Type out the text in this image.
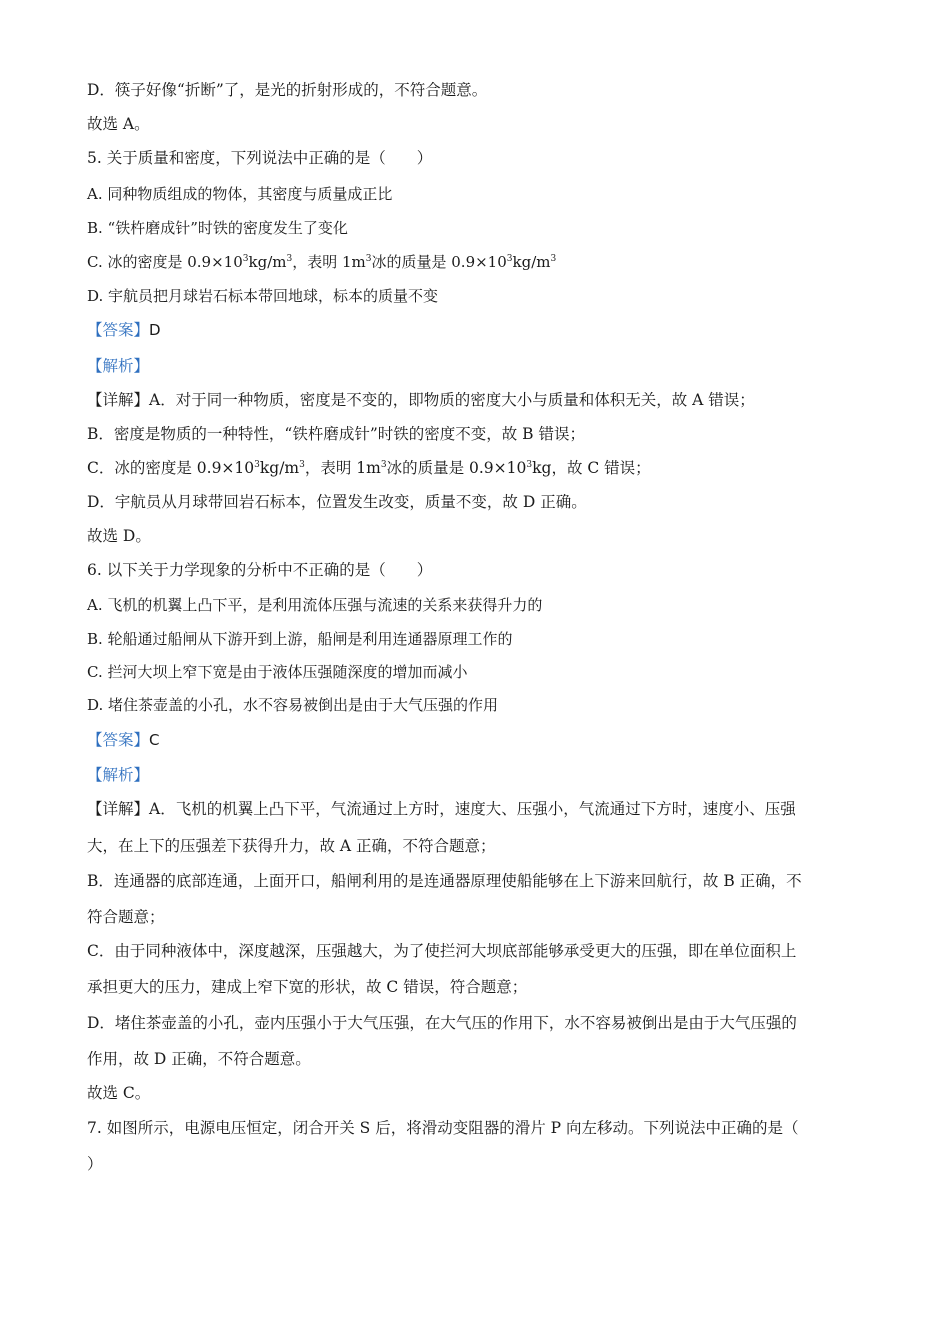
D．筷子好像“折断”了，是光的折射形成的，不符合题意。
故选 A。
5. 关于质量和密度，下列说法中正确的是（　　）
A. 同种物质组成的物体，其密度与质量成正比
B. “铁杵磨成针”时铁的密度发生了变化
C. 冰的密度是 $0.9\times 10^3kg/m^3$，表明 $1m^3$冰的质量是 $0.9\times 10^3kg/m^3$
D. 宇航员把月球岩石标本带回地球，标本的质量不变
【答案】D
【解析】
【详解】A．对于同一种物质，密度是不变的，即物质的密度大小与质量和体积无关，故 A 错误；
B．密度是物质的一种特性，“铁杵磨成针”时铁的密度不变，故 B 错误；
C．冰的密度是 $0.9\times 10^3kg/m^3$，表明 $1m^3$冰的质量是 $0.9\times 10^3kg$，故 C 错误；
D．宇航员从月球带回岩石标本，位置发生改变，质量不变，故 D 正确。
故选 D。
6. 以下关于力学现象的分析中不正确的是（　　）
A. 飞机的机翼上凸下平，是利用流体压强与流速的关系来获得升力的
B. 轮船通过船闸从下游开到上游，船闸是利用连通器原理工作的
C. 拦河大坝上窄下宽是由于液体压强随深度的增加而减小
D. 堵住茶壶盖的小孔，水不容易被倒出是由于大气压强的作用
【答案】C
【解析】
【详解】A．飞机的机翼上凸下平，气流通过上方时，速度大、压强小，气流通过下方时，速度小、压强
大，在上下的压强差下获得升力，故 A 正确，不符合题意；
B．连通器的底部连通，上面开口，船闸利用的是连通器原理使船能够在上下游来回航行，故 B 正确，不
符合题意；
C．由于同种液体中，深度越深，压强越大，为了使拦河大坝底部能够承受更大的压强，即在单位面积上
承担更大的压力，建成上窄下宽的形状，故 C 错误，符合题意；
D．堵住茶壶盖的小孔，壶内压强小于大气压强，在大气压的作用下，水不容易被倒出是由于大气压强的
作用，故 D 正确，不符合题意。
故选 C。
7. 如图所示，电源电压恒定，闭合开关 S 后，将滑动变阻器的滑片 P 向左移动。下列说法中正确的是（
）
